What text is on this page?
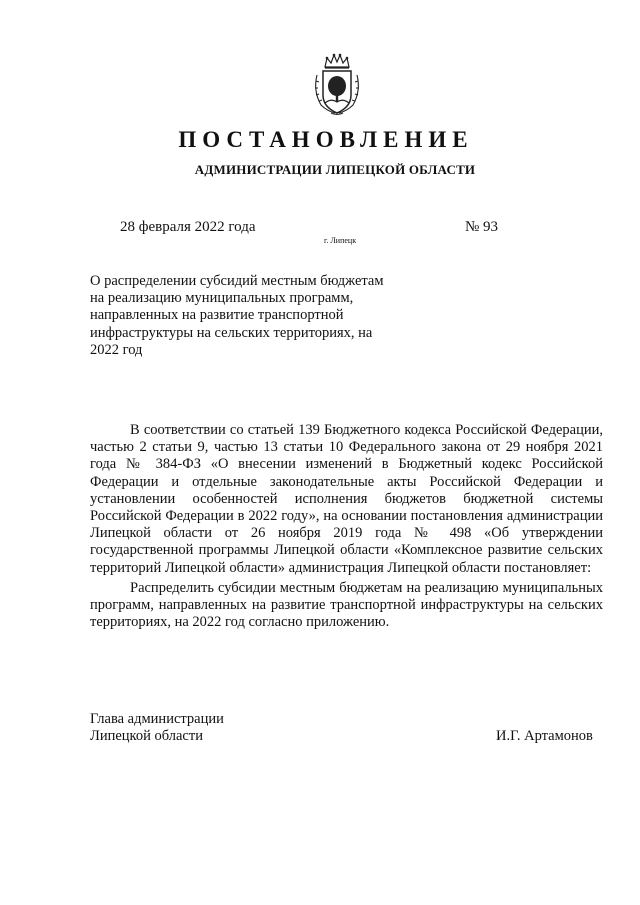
ПОСТАНОВЛЕНИЕ
АДМИНИСТРАЦИИ ЛИПЕЦКОЙ ОБЛАСТИ
28 февраля 2022 года
г. Липецк
№ 93
О распределении субсидий местным бюджетам на реализацию муниципальных программ, направленных на развитие транспортной инфраструктуры на сельских территориях, на 2022 год

В соответствии со статьей 139 Бюджетного кодекса Российской Федерации, частью 2 статьи 9, частью 13 статьи 10 Федерального закона от 29 ноября 2021 года № 384-ФЗ «О внесении изменений в Бюджетный кодекс Российской Федерации и отдельные законодательные акты Российской Федерации и установлении особенностей исполнения бюджетов бюджетной системы Российской Федерации в 2022 году», на основании постановления администрации Липецкой области от 26 ноября 2019 года № 498 «Об утверждении государственной программы Липецкой области «Комплексное развитие сельских территорий Липецкой области» администрация Липецкой области постановляет:

Распределить субсидии местным бюджетам на реализацию муниципальных программ, направленных на развитие транспортной инфраструктуры на сельских территориях, на 2022 год согласно приложению.

Глава администрации
Липецкой области	И.Г. Артамонов
